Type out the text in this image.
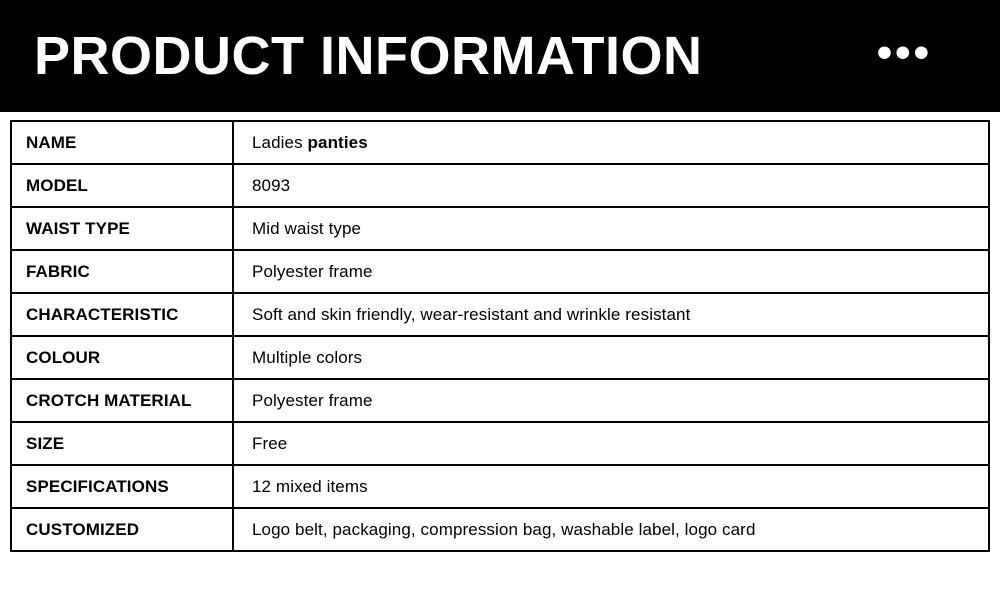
PRODUCT INFORMATION	•••
NAME	Ladies panties
MODEL	8093
WAIST TYPE	Mid waist type
FABRIC	Polyester frame
CHARACTERISTIC	Soft and skin friendly, wear-resistant and wrinkle resistant
COLOUR	Multiple colors
CROTCH MATERIAL	Polyester frame
SIZE	Free
SPECIFICATIONS	12 mixed items
CUSTOMIZED	Logo belt, packaging, compression bag, washable label, logo card
